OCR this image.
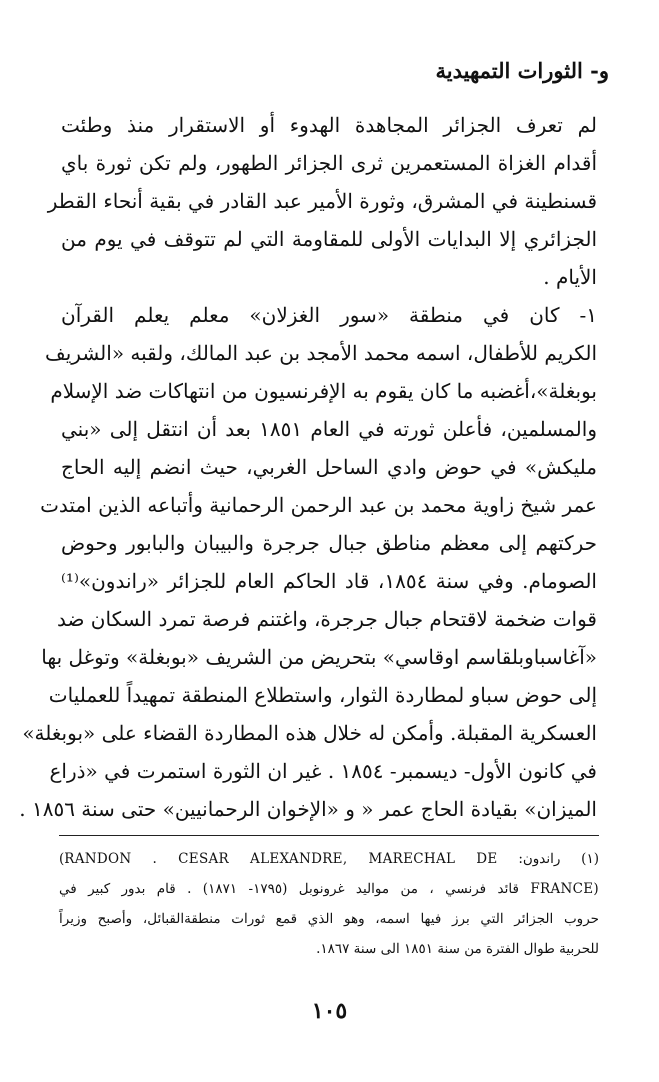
و- الثورات التمهيدية
لم تعرف الجزائر المجاهدة الهدوء أو الاستقرار منذ وطئت
أقدام الغزاة المستعمرين ثرى الجزائر الطهور، ولم تكن ثورة باي
قسنطينة في المشرق، وثورة الأمير عبد القادر في بقية أنحاء القطر
الجزائري إلا البدايات الأولى للمقاومة التي لم تتوقف في يوم من
الأيام .
١- كان في منطقة «سور الغزلان» معلم يعلم القرآن
الكريم للأطفال، اسمه محمد الأمجد بن عبد المالك، ولقبه «الشريف
بوبغلة»،أغضبه ما كان يقوم به الإفرنسيون من انتهاكات ضد الإسلام
والمسلمين، فأعلن ثورته في العام ١٨٥١ بعد أن انتقل إلى «بني
مليكش» في حوض وادي الساحل الغربي، حيث انضم إليه الحاج
عمر شيخ زاوية محمد بن عبد الرحمن الرحمانية وأتباعه الذين امتدت
حركتهم إلى معظم مناطق جبال جرجرة والبيبان والبابور وحوض
الصومام. وفي سنة ١٨٥٤، قاد الحاكم العام للجزائر «راندون»⁽¹⁾
قوات ضخمة لاقتحام جبال جرجرة، واغتنم فرصة تمرد السكان ضد
«آغاسباوبلقاسم اوقاسي» بتحريض من الشريف «بوبغلة» وتوغل بها
إلى حوض سباو لمطاردة الثوار، واستطلاع المنطقة تمهيداً للعمليات
العسكرية المقبلة. وأمكن له خلال هذه المطاردة القضاء على «بوبغلة»
في كانون الأول- ديسمبر- ١٨٥٤ . غير ان الثورة استمرت في «ذراع
الميزان» بقيادة الحاج عمر « و «الإخوان الرحمانيين» حتى سنة ١٨٥٦ .
(١) راندون: (RANDON . CESAR ALEXANDRE, MARECHAL DE
FRANCE) قائد فرنسي ، من مواليد غرونوبل (١٧٩٥- ١٨٧١) . قام بدور كبير في
حروب الجزائر التي برز فيها اسمه، وهو الذي قمع ثورات منطقةالقبائل، وأصبح وزيراً
للحربية طوال الفترة من سنة ١٨٥١ الى سنة ١٨٦٧.
١٠٥
